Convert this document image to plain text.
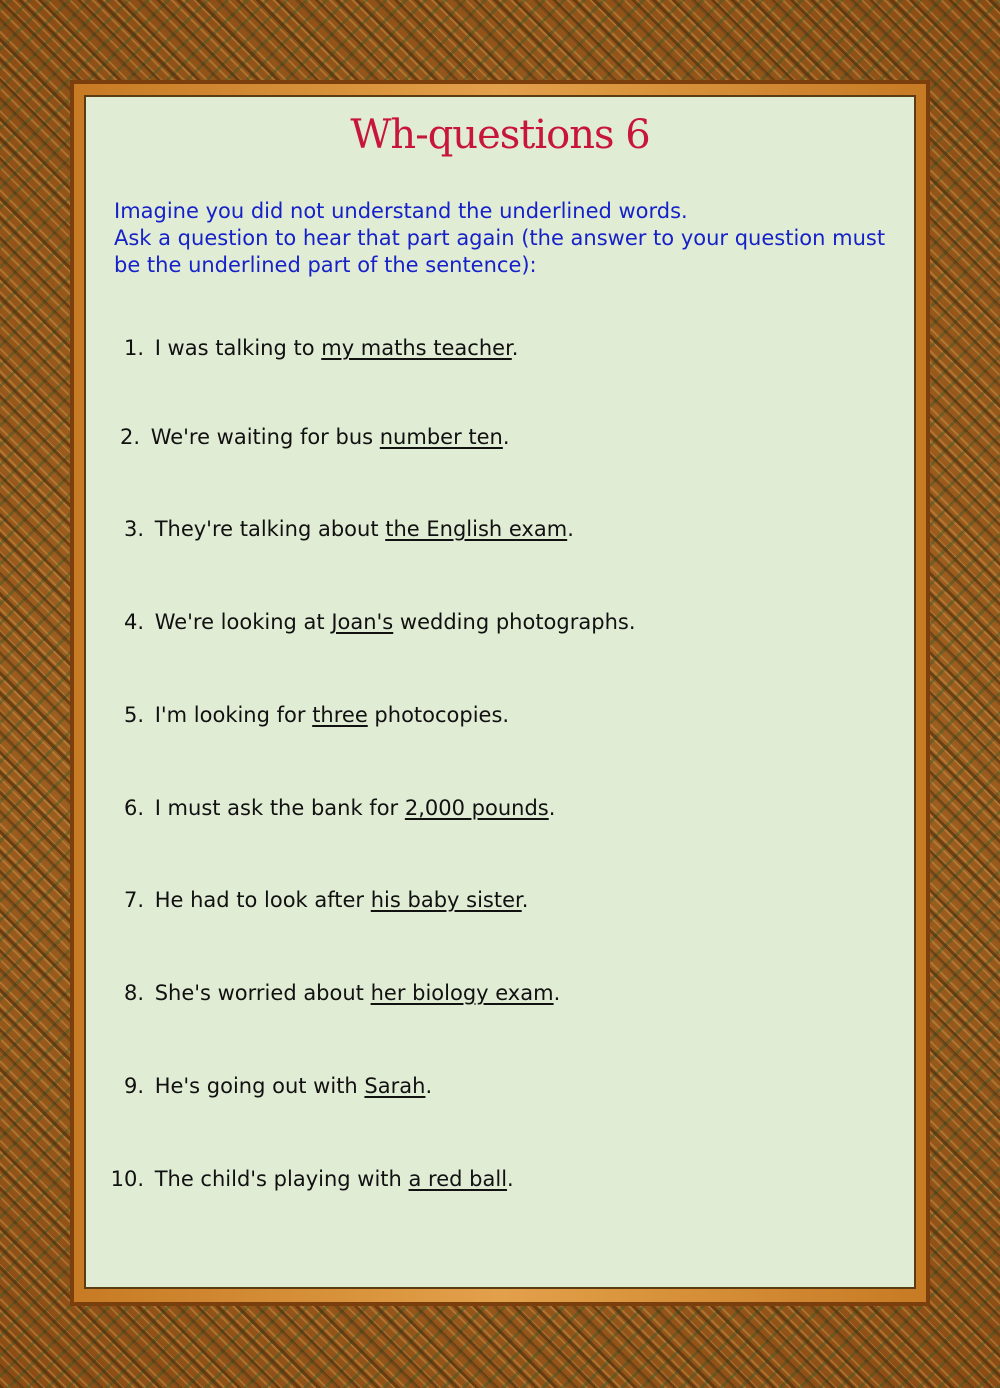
Wh-questions 6

Imagine you did not understand the underlined words.

Ask a question to hear that part again (the answer to your question must be the underlined part of the sentence):

1. I was talking to my maths teacher.
2. We're waiting for bus number ten.
3. They're talking about the English exam.
4. We're looking at Joan's wedding photographs.
5. I'm looking for three photocopies.
6. I must ask the bank for 2,000 pounds.
7. He had to look after his baby sister.
8. She's worried about her biology exam.
9. He's going out with Sarah.
10. The child's playing with a red ball.
